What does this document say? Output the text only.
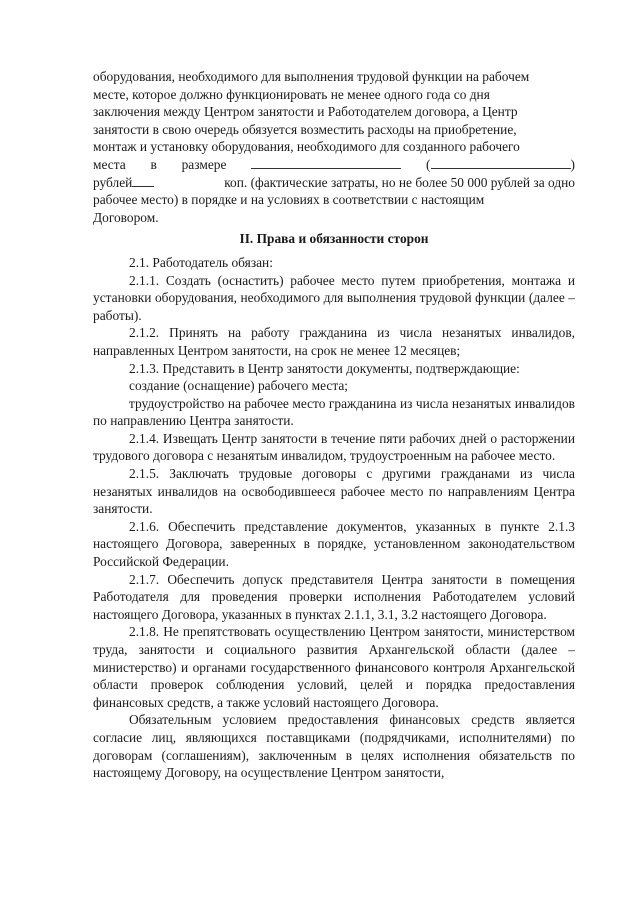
оборудования, необходимого для выполнения трудовой функции на рабочем

месте, которое должно функционировать не менее одного года со дня

заключения между Центром занятости и Работодателем договора, а Центр

занятости в свою очередь обязуется возместить расходы на приобретение,

монтаж и установку оборудования, необходимого для созданного рабочего

места в размере	(	)
рублей	коп. (фактические затраты, но не более 50 000 рублей за одно

рабочее место) в порядке и на условиях в соответствии с настоящим

Договором.

II. Права и обязанности сторон

2.1. Работодатель обязан:

2.1.1. Создать (оснастить) рабочее место путем приобретения, монтажа и установки оборудования, необходимого для выполнения трудовой функции (далее – работы).

2.1.2. Принять на работу гражданина из числа незанятых инвалидов, направленных Центром занятости, на срок не менее 12 месяцев;

2.1.3. Представить в Центр занятости документы, подтверждающие:

создание (оснащение) рабочего места;

трудоустройство на рабочее место гражданина из числа незанятых инвалидов по направлению Центра занятости.

2.1.4. Извещать Центр занятости в течение пяти рабочих дней о расторжении трудового договора с незанятым инвалидом, трудоустроенным на рабочее место.

2.1.5. Заключать трудовые договоры с другими гражданами из числа незанятых инвалидов на освободившееся рабочее место по направлениям Центра занятости.

2.1.6. Обеспечить представление документов, указанных в пункте 2.1.3 настоящего Договора, заверенных в порядке, установленном законодательством Российской Федерации.

2.1.7. Обеспечить допуск представителя Центра занятости в помещения Работодателя для проведения проверки исполнения Работодателем условий настоящего Договора, указанных в пунктах 2.1.1, 3.1, 3.2 настоящего Договора.

2.1.8. Не препятствовать осуществлению Центром занятости, министерством труда, занятости и социального развития Архангельской области (далее – министерство) и органами государственного финансового контроля Архангельской области проверок соблюдения условий, целей и порядка предоставления финансовых средств, а также условий настоящего Договора.

Обязательным условием предоставления финансовых средств является согласие лиц, являющихся поставщиками (подрядчиками, исполнителями) по договорам (соглашениям), заключенным в целях исполнения обязательств по настоящему Договору, на осуществление Центром занятости,
